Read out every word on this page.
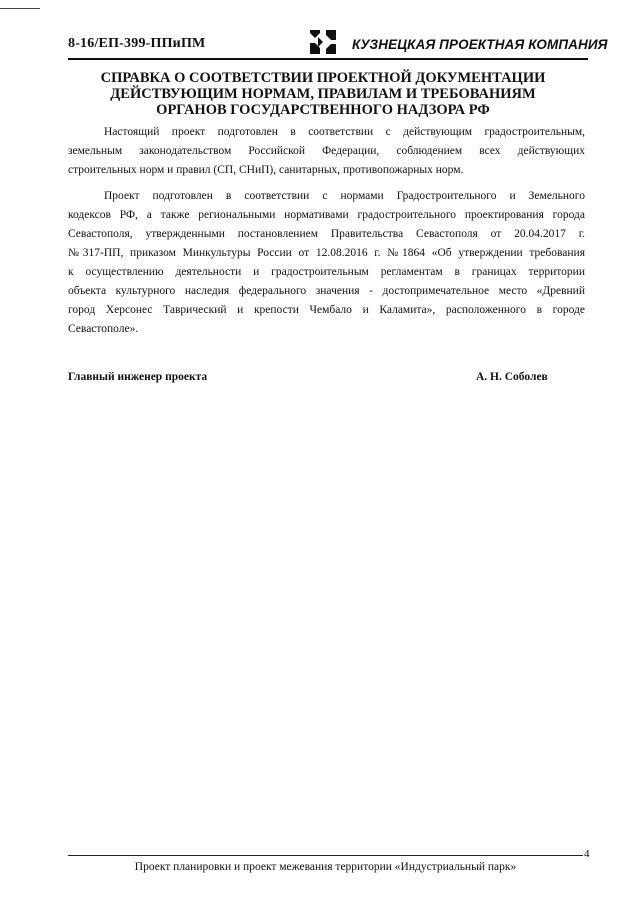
8-16/ЕП-399-ППиПМ	КУЗНЕЦКАЯ ПРОЕКТНАЯ КОМПАНИЯ
СПРАВКА О СООТВЕТСТВИИ ПРОЕКТНОЙ ДОКУМЕНТАЦИИ
ДЕЙСТВУЮЩИМ НОРМАМ, ПРАВИЛАМ И ТРЕБОВАНИЯМ
ОРГАНОВ ГОСУДАРСТВЕННОГО НАДЗОРА РФ
Настоящий проект подготовлен в соответствии с действующим градостроительным,
земельным законодательством Российской Федерации, соблюдением всех действующих
строительных норм и правил (СП, СНиП), санитарных, противопожарных норм.
Проект подготовлен в соответствии с нормами Градостроительного и Земельного
кодексов РФ, а также региональными нормативами градостроительного проектирования города
Севастополя, утвержденными постановлением Правительства Севастополя от 20.04.2017 г.
№317-ПП, приказом Минкультуры России от 12.08.2016 г. №1864 «Об утверждении требования
к осуществлению деятельности и градостроительным регламентам в границах территории
объекта культурного наследия федерального значения - достопримечательное место «Древний
город Херсонес Таврический и крепости Чембало и Каламита», расположенного в городе
Севастополе».
Главный инженер проекта	А. Н. Соболев
4
Проект планировки и проект межевания территории «Индустриальный парк»
